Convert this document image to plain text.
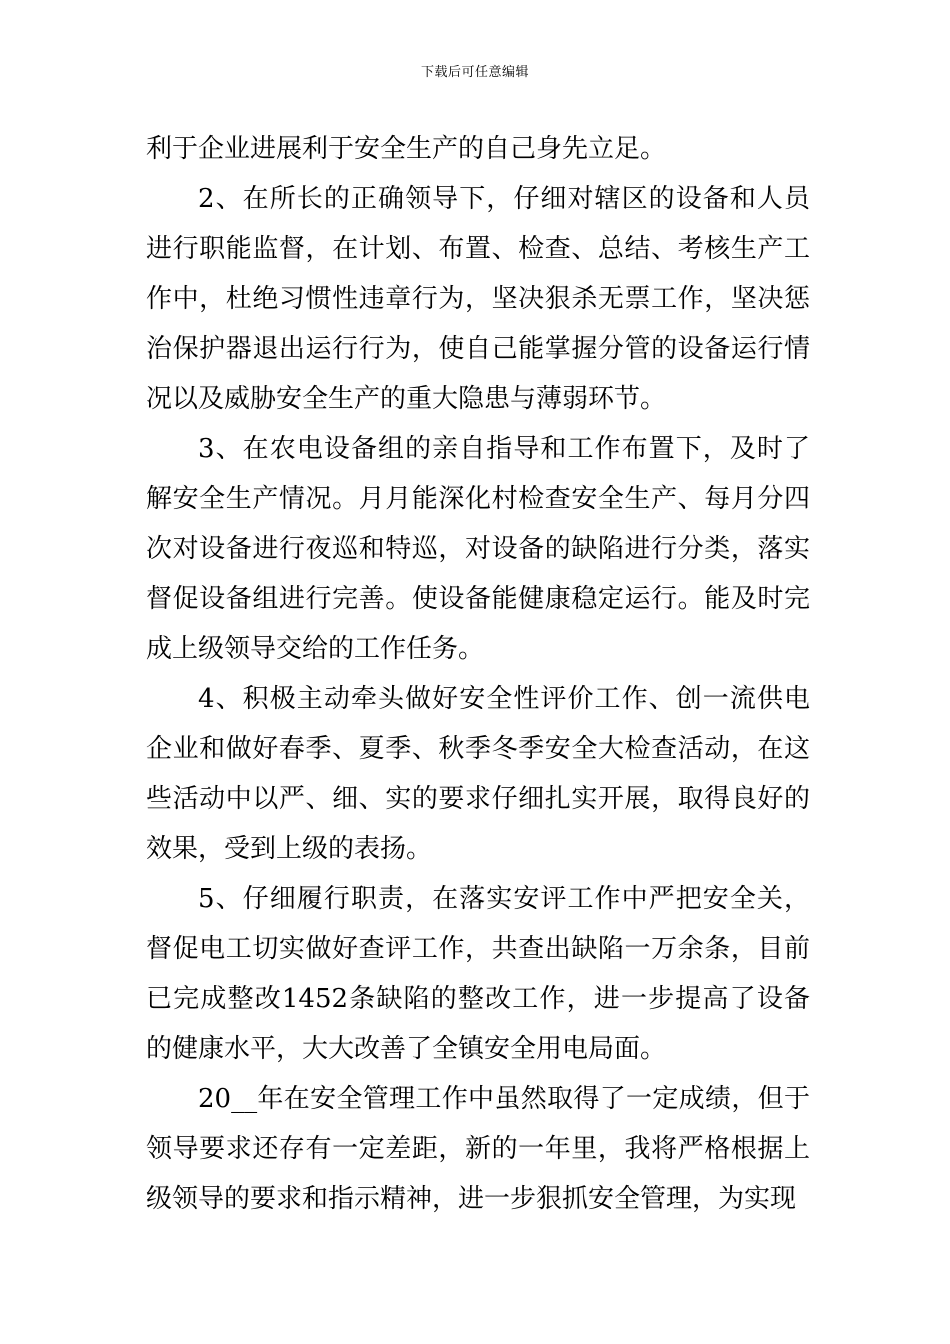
下载后可任意编辑

利于企业进展利于安全生产的自己身先立足。

2、在所长的正确领导下，仔细对辖区的设备和人员进行职能监督，在计划、布置、检查、总结、考核生产工作中，杜绝习惯性违章行为，坚决狠杀无票工作，坚决惩治保护器退出运行行为，使自己能掌握分管的设备运行情况以及威胁安全生产的重大隐患与薄弱环节。

3、在农电设备组的亲自指导和工作布置下，及时了解安全生产情况。月月能深化村检查安全生产、每月分四次对设备进行夜巡和特巡，对设备的缺陷进行分类，落实督促设备组进行完善。使设备能健康稳定运行。能及时完成上级领导交给的工作任务。

4、积极主动牵头做好安全性评价工作、创一流供电企业和做好春季、夏季、秋季冬季安全大检查活动，在这些活动中以严、细、实的要求仔细扎实开展，取得良好的效果，受到上级的表扬。

5、仔细履行职责，在落实安评工作中严把安全关，督促电工切实做好查评工作，共查出缺陷一万余条，目前已完成整改1452条缺陷的整改工作，进一步提高了设备的健康水平，大大改善了全镇安全用电局面。

20__年在安全管理工作中虽然取得了一定成绩，但于领导要求还存有一定差距，新的一年里，我将严格根据上级领导的要求和指示精神，进一步狠抓安全管理，为实现
